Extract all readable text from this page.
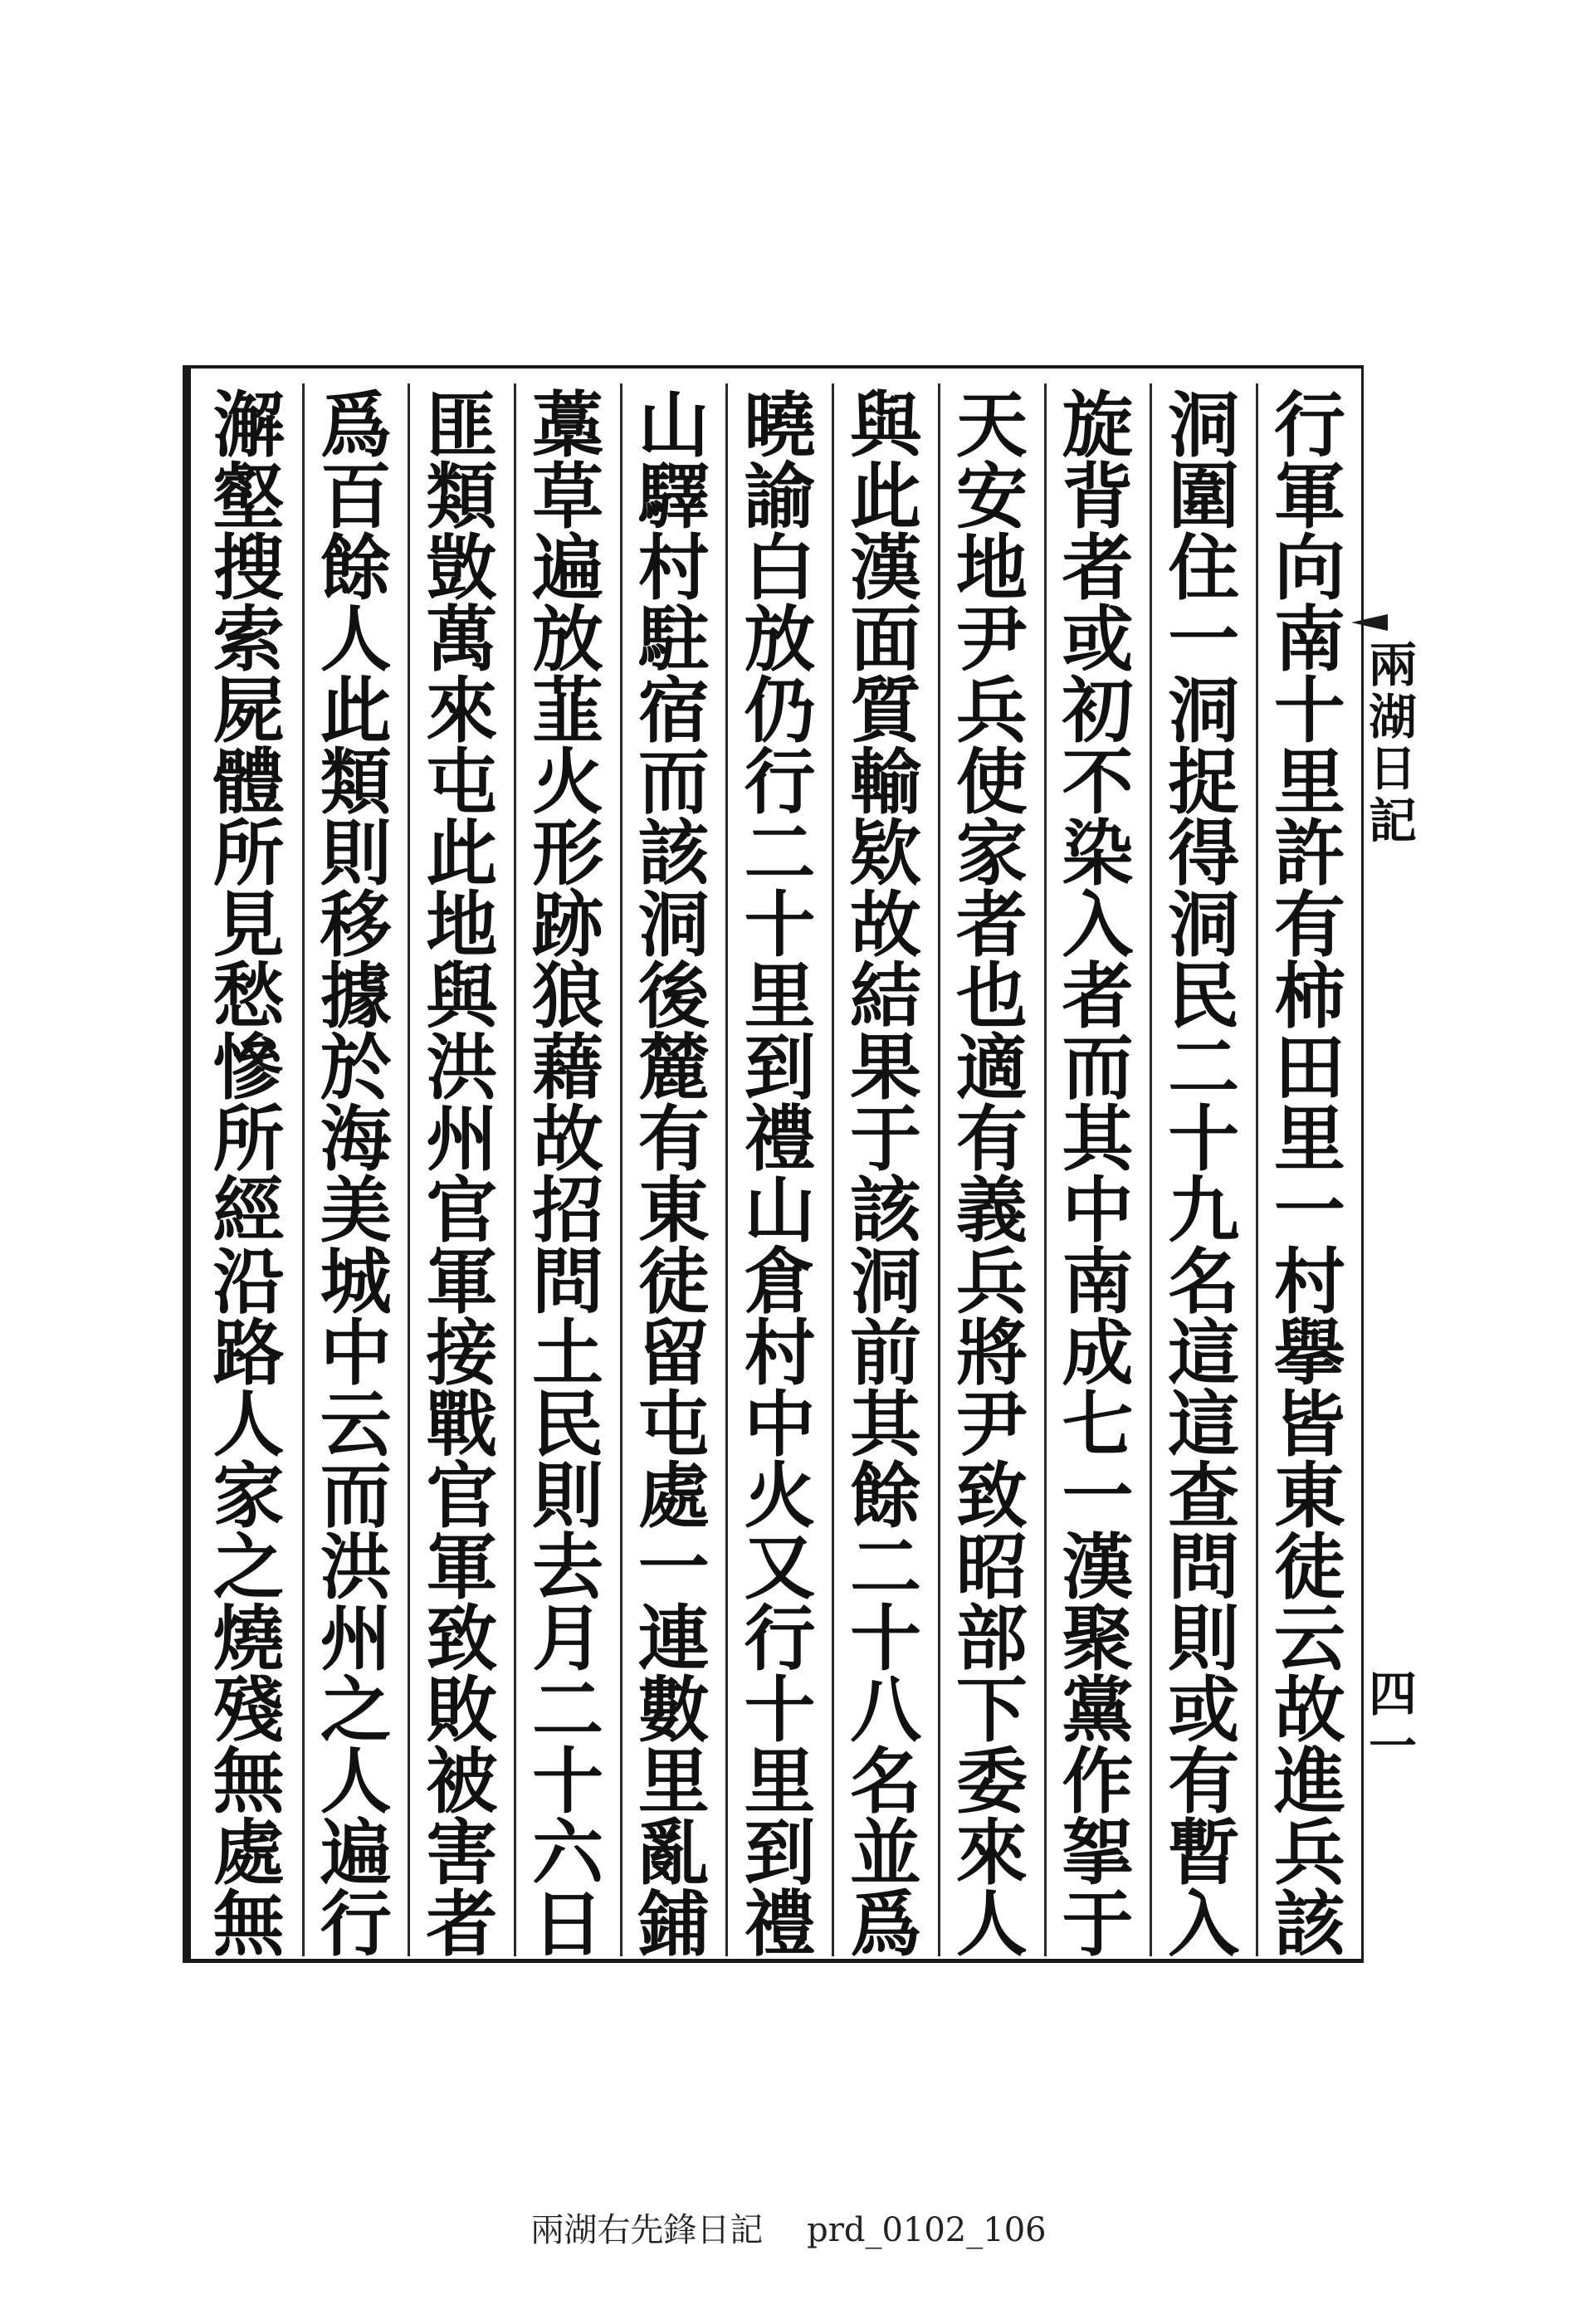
兩
湖
日
記
四
一
行
軍
向
南
十
里
許
有
柿
田
里
一
村
擧
皆
東
徒
云
故
進
兵
該
洞
圍
住
一
洞
捉
得
洞
民
二
十
九
名
這
這
查
問
則
或
有
暫
入
旋
背
者
或
初
不
染
入
者
而
其
中
南
成
七
一
漢
聚
黨
作
挐
于
天
安
地
尹
兵
使
家
者
也
適
有
義
兵
將
尹
致
昭
部
下
委
來
人
與
此
漢
面
質
輸
欵
故
結
果
于
該
洞
前
其
餘
二
十
八
名
並
爲
曉
諭
白
放
仍
行
二
十
里
到
禮
山
倉
村
中
火
又
行
十
里
到
禮
山
驛
村
駐
宿
而
該
洞
後
麓
有
東
徒
留
屯
處
一
連
數
里
亂
鋪
藁
草
遍
放
韮
火
形
跡
狼
藉
故
招
問
土
民
則
去
月
二
十
六
日
匪
類
敳
萬
來
屯
此
地
與
洪
州
官
軍
接
戰
官
軍
致
敗
被
害
者
爲
百
餘
人
此
類
則
移
據
於
海
美
城
中
云
而
洪
州
之
人
遍
行
澥
壑
搜
索
屍
體
所
見
愁
慘
所
經
沿
路
人
家
之
燒
殘
無
處
無
兩湖右先鋒日記 prd_0102_106
